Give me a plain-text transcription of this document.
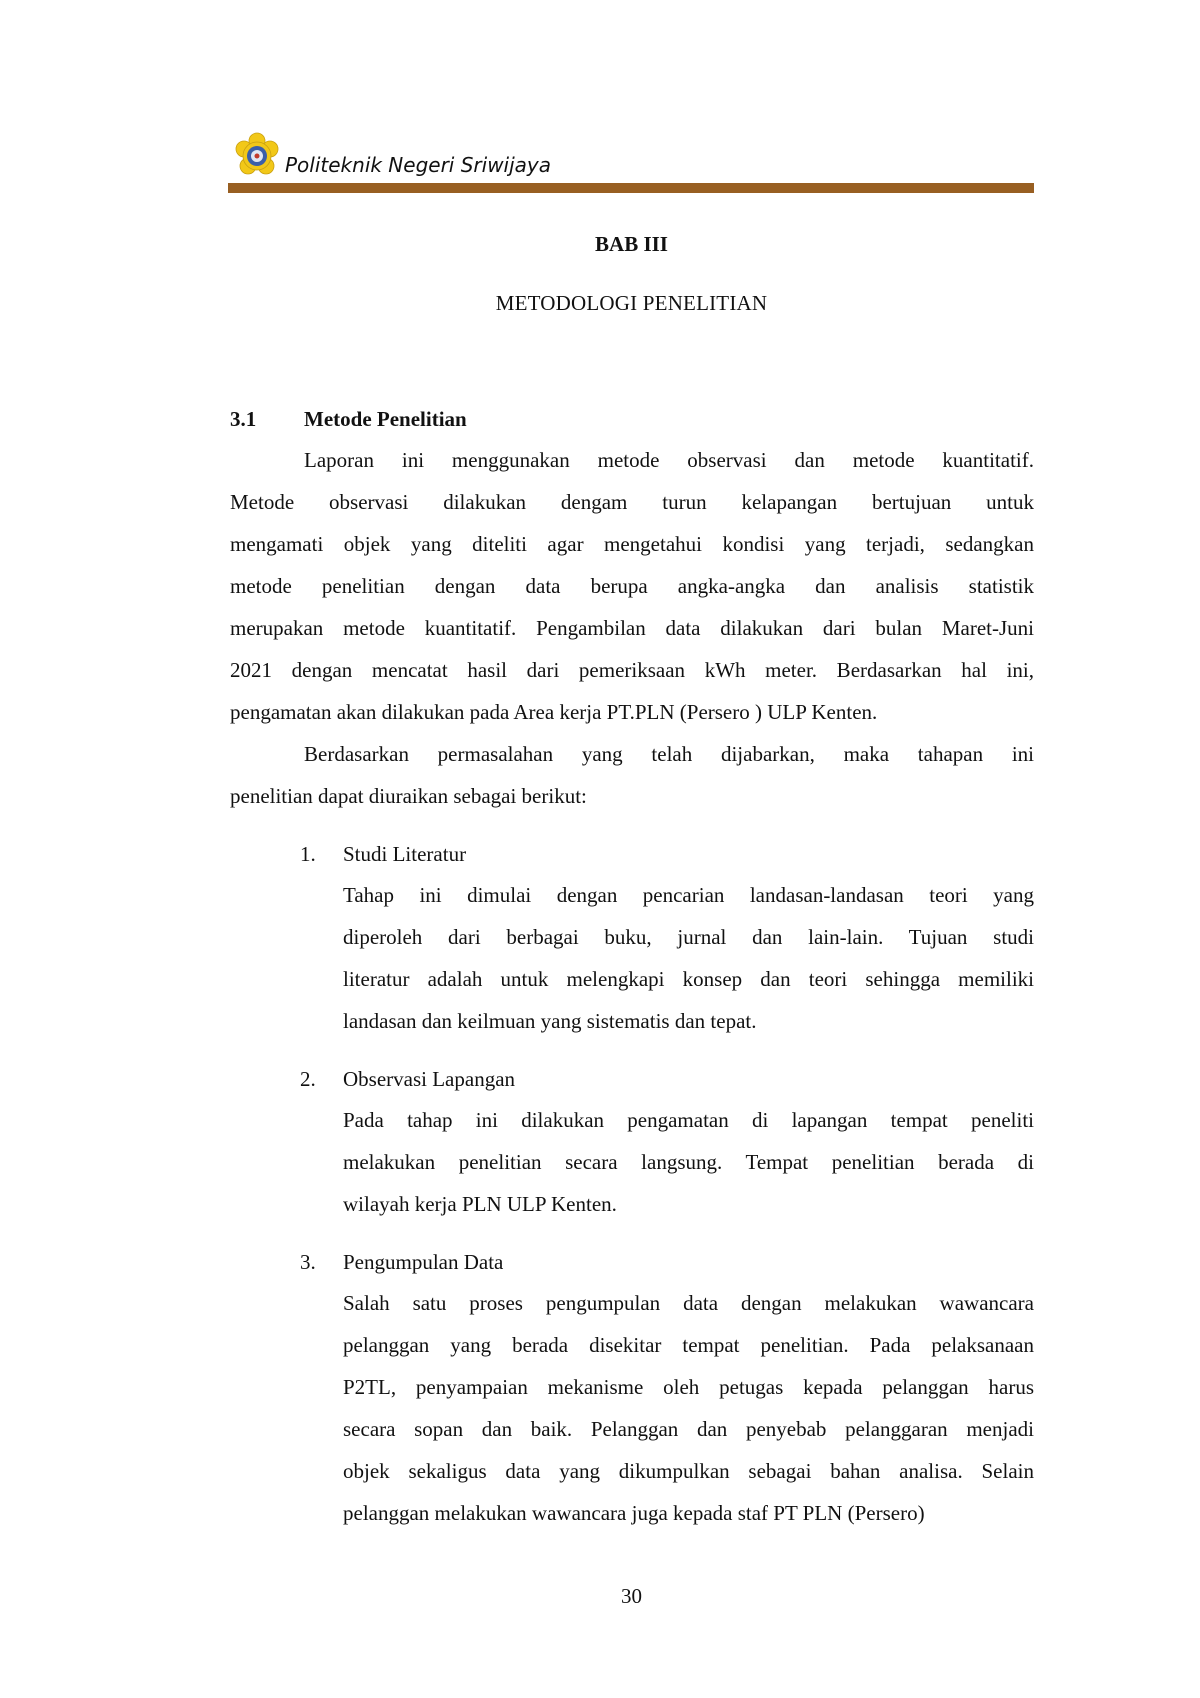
Politeknik Negeri Sriwijaya
BAB III
METODOLOGI PENELITIAN
3.1 Metode Penelitian
Laporan ini menggunakan metode observasi dan metode kuantitatif.
Metode observasi dilakukan dengam turun kelapangan bertujuan untuk
mengamati objek yang diteliti agar mengetahui kondisi yang terjadi, sedangkan
metode penelitian dengan data berupa angka-angka dan analisis statistik
merupakan metode kuantitatif. Pengambilan data dilakukan dari bulan Maret-Juni
2021 dengan mencatat hasil dari pemeriksaan kWh meter. Berdasarkan hal ini,
pengamatan akan dilakukan pada Area kerja PT.PLN (Persero ) ULP Kenten.
Berdasarkan permasalahan yang telah dijabarkan, maka tahapan ini
penelitian dapat diuraikan sebagai berikut:
1. Studi Literatur
Tahap ini dimulai dengan pencarian landasan-landasan teori yang
diperoleh dari berbagai buku, jurnal dan lain-lain. Tujuan studi
literatur adalah untuk melengkapi konsep dan teori sehingga memiliki
landasan dan keilmuan yang sistematis dan tepat.
2. Observasi Lapangan
Pada tahap ini dilakukan pengamatan di lapangan tempat peneliti
melakukan penelitian secara langsung. Tempat penelitian berada di
wilayah kerja PLN ULP Kenten.
3. Pengumpulan Data
Salah satu proses pengumpulan data dengan melakukan wawancara
pelanggan yang berada disekitar tempat penelitian. Pada pelaksanaan
P2TL, penyampaian mekanisme oleh petugas kepada pelanggan harus
secara sopan dan baik. Pelanggan dan penyebab pelanggaran menjadi
objek sekaligus data yang dikumpulkan sebagai bahan analisa. Selain
pelanggan melakukan wawancara juga kepada staf PT PLN (Persero)
30
